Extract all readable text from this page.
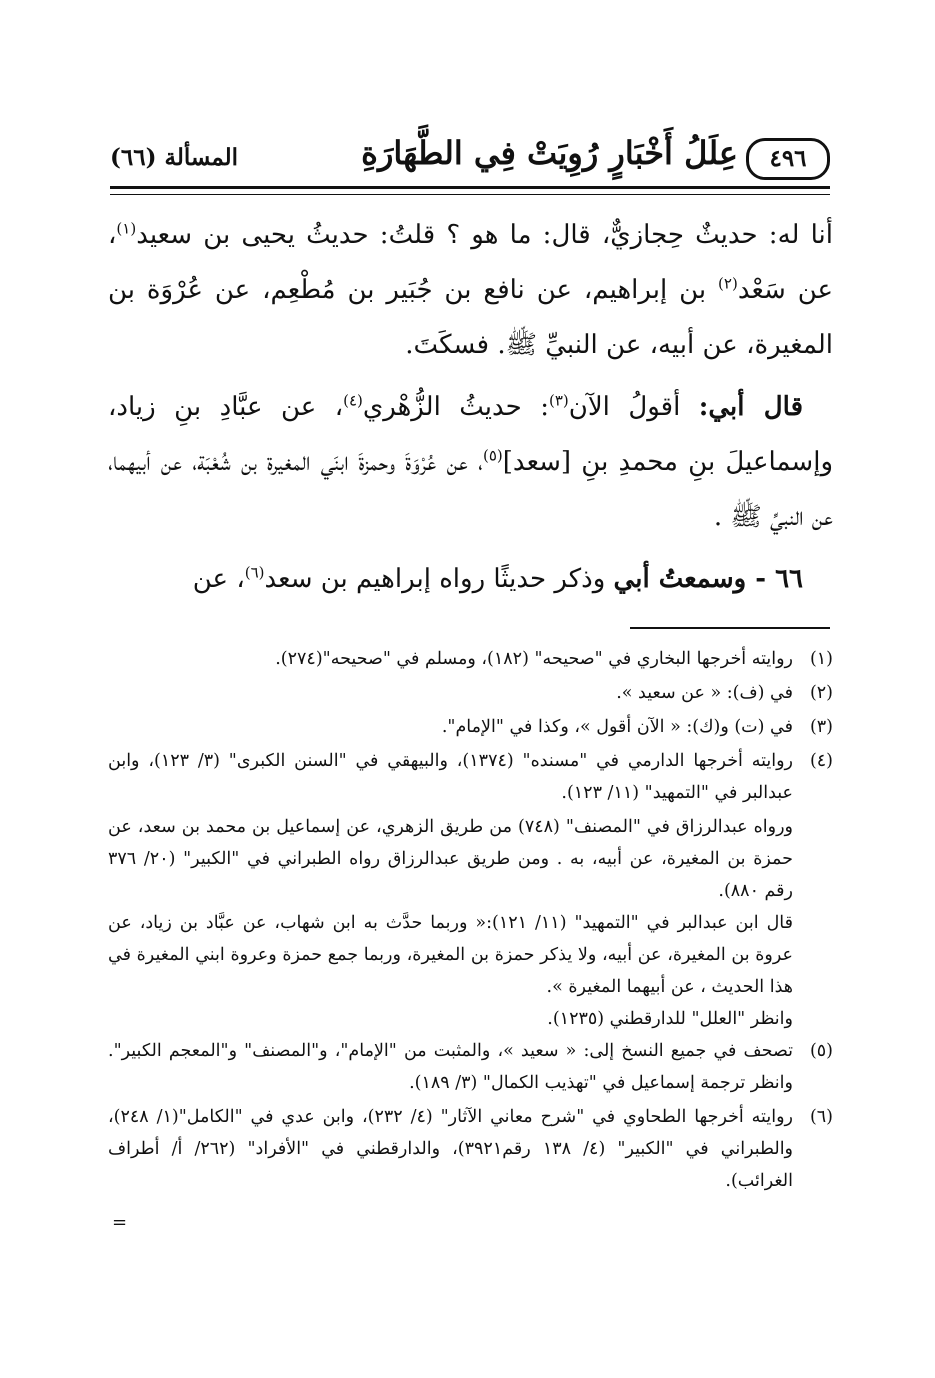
٤٩٦
عِلَلُ أَخْبَارٍ رُوِيَتْ فِي الطَّهَارَةِ
المسألة (٦٦)

أنا له: حديثٌ حِجازيٌّ، قال: ما هو ؟ قلتُ: حديثُ يحيى بن سعيد$^{(١)}$، عن سَعْد$^{(٢)}$ بن إبراهيم، عن نافع بن جُبَير بن مُطْعِم، عن عُرْوَة بن المغيرة، عن أبيه، عن النبيِّ ﷺ. فسكَتَ.

قال أبي: أقولُ الآن$^{(٣)}$: حديثُ الزُّهْري$^{(٤)}$، عن عبَّادِ بنِ زياد، وإسماعيلَ بنِ محمدِ بنِ [سعد]$^{(٥)}$، عن عُرْوَةَ وحمزةَ ابنَي المغيرة بن شُعْبَة، عن أبيهما، عن النبيِّ ﷺ .

٦٦ - وسمعتُ أبي وذكر حديثًا رواه إبراهيم بن سعد$^{(٦)}$، عن

(١)
روايته أخرجها البخاري في "صحيحه" (١٨٢)، ومسلم في "صحيحه"(٢٧٤).
(٢)
في (ف): « عن سعيد ».
(٣)
في (ت) و(ك): « الآن أقول »، وكذا في "الإمام".
(٤)
روايته أخرجها الدارمي في "مسنده" (١٣٧٤)، والبيهقي في "السنن الكبرى" (٣/ ١٢٣)، وابن عبدالبر في "التمهيد" (١١/ ١٢٣).

ورواه عبدالرزاق في "المصنف" (٧٤٨) من طريق الزهري، عن إسماعيل بن محمد بن سعد، عن حمزة بن المغيرة، عن أبيه، به . ومن طريق عبدالرزاق رواه الطبراني في "الكبير" (٢٠/ ٣٧٦ رقم ٨٨٠).

قال ابن عبدالبر في "التمهيد" (١١/ ١٢١):« وربما حدَّث به ابن شهاب، عن عبَّاد بن زياد، عن عروة بن المغيرة، عن أبيه، ولا يذكر حمزة بن المغيرة، وربما جمع حمزة وعروة ابني المغيرة في هذا الحديث ، عن أبيهما المغيرة ».

وانظر "العلل" للدارقطني (١٢٣٥).

(٥)
تصحف في جميع النسخ إلى: « سعيد »، والمثبت من "الإمام"، و"المصنف" و"المعجم الكبير". وانظر ترجمة إسماعيل في "تهذيب الكمال" (٣/ ١٨٩).
(٦)
روايته أخرجها الطحاوي في "شرح معاني الآثار" (٤/ ٢٣٢)، وابن عدي في "الكامل"(١/ ٢٤٨)، والطبراني في "الكبير" (٤/ ١٣٨ رقم٣٩٢١)، والدارقطني في "الأفراد" (٢٦٢/ أ/ أطراف الغرائب).
=
